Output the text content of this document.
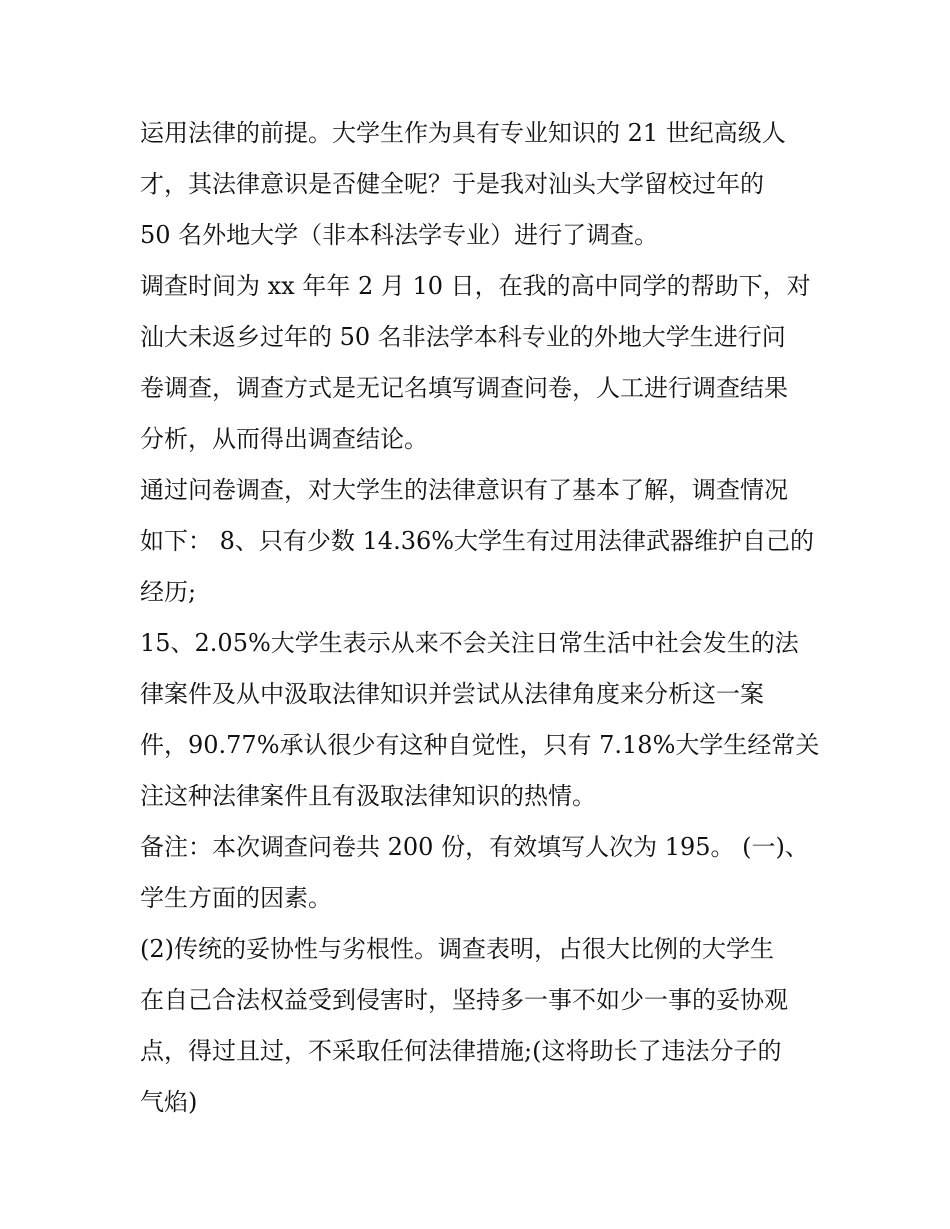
运用法律的前提。大学生作为具有专业知识的 21 世纪高级人
才，其法律意识是否健全呢？于是我对汕头大学留校过年的
50 名外地大学（非本科法学专业）进行了调查。
调查时间为 xx 年年 2 月 10 日，在我的高中同学的帮助下，对
汕大未返乡过年的 50 名非法学本科专业的外地大学生进行问
卷调查，调查方式是无记名填写调查问卷，人工进行调查结果
分析，从而得出调查结论。
通过问卷调查，对大学生的法律意识有了基本了解，调查情况
如下： 8、只有少数 14.36%大学生有过用法律武器维护自己的
经历;
15、2.05%大学生表示从来不会关注日常生活中社会发生的法
律案件及从中汲取法律知识并尝试从法律角度来分析这一案
件，90.77%承认很少有这种自觉性，只有 7.18%大学生经常关
注这种法律案件且有汲取法律知识的热情。
备注：本次调查问卷共 200 份，有效填写人次为 195。 (一)、
学生方面的因素。
(2)传统的妥协性与劣根性。调查表明，占很大比例的大学生
在自己合法权益受到侵害时，坚持多一事不如少一事的妥协观
点，得过且过，不采取任何法律措施;(这将助长了违法分子的
气焰)
